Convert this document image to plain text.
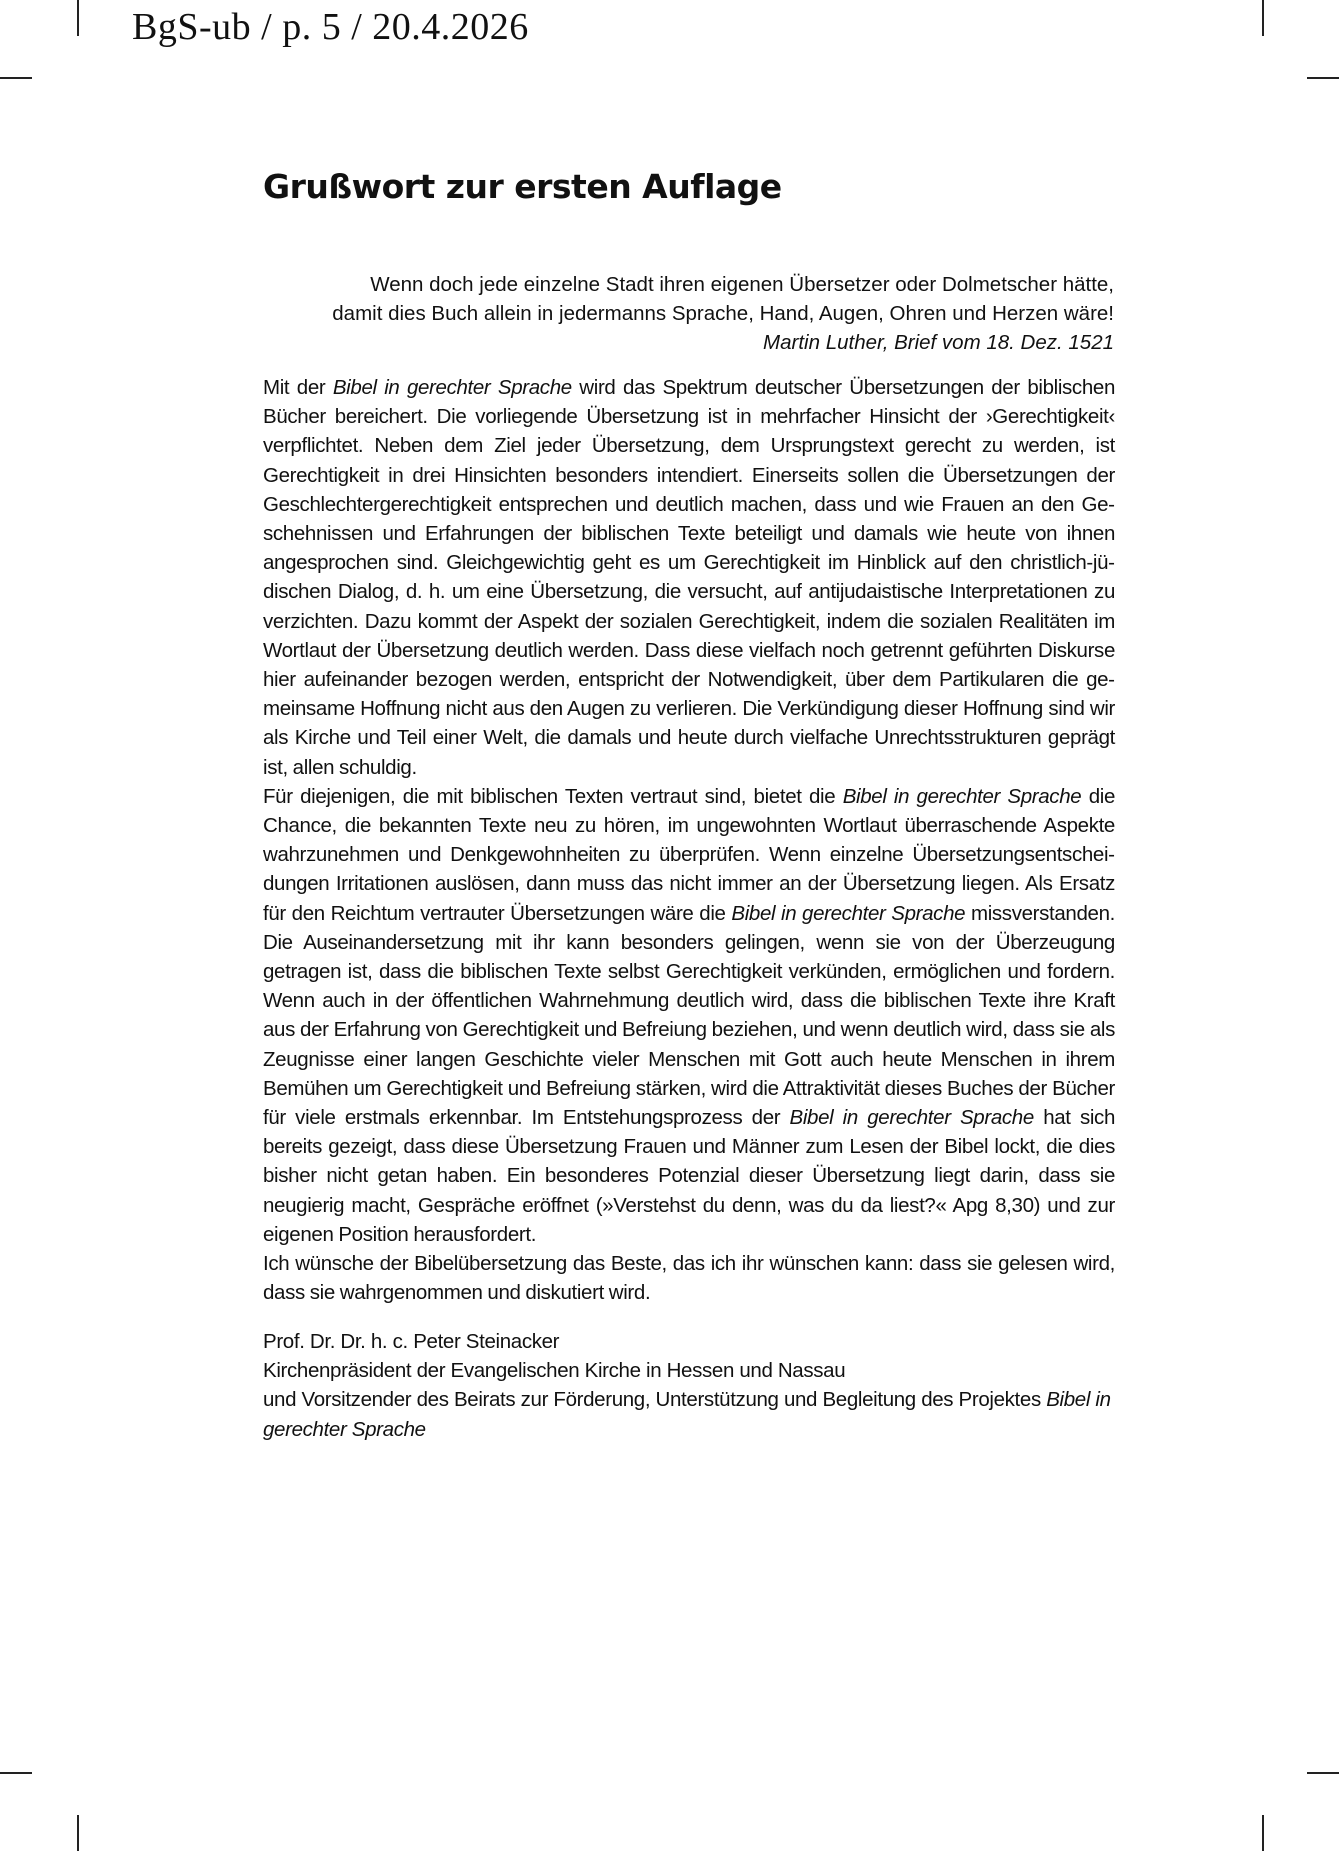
BgS-ub / p. 5 / 20.4.2026
Grußwort zur ersten Auflage
Wenn doch jede einzelne Stadt ihren eigenen Übersetzer oder Dolmetscher hätte,
damit dies Buch allein in jedermanns Sprache, Hand, Augen, Ohren und Herzen wäre!
Martin Luther, Brief vom 18. Dez. 1521

Mit der Bibel in gerechter Sprache wird das Spektrum deutscher Übersetzungen der biblischen Bücher bereichert. Die vorliegende Übersetzung ist in mehrfacher Hinsicht der ›Gerechtigkeit‹ verpflichtet. Neben dem Ziel jeder Übersetzung, dem Ursprungstext gerecht zu werden, ist Gerechtigkeit in drei Hinsichten besonders intendiert. Einerseits sollen die Übersetzungen der Geschlechtergerechtigkeit entsprechen und deutlich machen, dass und wie Frauen an den Geschehnissen und Erfahrungen der biblischen Texte beteiligt und damals wie heute von ihnen angesprochen sind. Gleichgewichtig geht es um Gerechtigkeit im Hinblick auf den christlich-jüdischen Dialog, d. h. um eine Übersetzung, die versucht, auf antijudaistische Interpretationen zu verzichten. Dazu kommt der Aspekt der sozialen Gerechtigkeit, indem die sozialen Realitäten im Wortlaut der Übersetzung deutlich werden. Dass diese vielfach noch getrennt geführten Diskurse hier aufeinander bezogen werden, entspricht der Notwendigkeit, über dem Partikularen die gemeinsame Hoffnung nicht aus den Augen zu verlieren. Die Verkündigung dieser Hoffnung sind wir als Kirche und Teil einer Welt, die damals und heute durch vielfache Unrechtsstrukturen geprägt ist, allen schuldig.

Für diejenigen, die mit biblischen Texten vertraut sind, bietet die Bibel in gerechter Sprache die Chance, die bekannten Texte neu zu hören, im ungewohnten Wortlaut überraschende Aspekte wahrzunehmen und Denkgewohnheiten zu überprüfen. Wenn einzelne Übersetzungsentscheidungen Irritationen auslösen, dann muss das nicht immer an der Übersetzung liegen. Als Ersatz für den Reichtum vertrauter Übersetzungen wäre die Bibel in gerechter Sprache missverstanden. Die Auseinandersetzung mit ihr kann besonders gelingen, wenn sie von der Überzeugung getragen ist, dass die biblischen Texte selbst Gerechtigkeit verkünden, ermöglichen und fordern. Wenn auch in der öffentlichen Wahrnehmung deutlich wird, dass die biblischen Texte ihre Kraft aus der Erfahrung von Gerechtigkeit und Befreiung beziehen, und wenn deutlich wird, dass sie als Zeugnisse einer langen Geschichte vieler Menschen mit Gott auch heute Menschen in ihrem Bemühen um Gerechtigkeit und Befreiung stärken, wird die Attraktivität dieses Buches der Bücher für viele erstmals erkennbar. Im Entstehungsprozess der Bibel in gerechter Sprache hat sich bereits gezeigt, dass diese Übersetzung Frauen und Männer zum Lesen der Bibel lockt, die dies bisher nicht getan haben. Ein besonderes Potenzial dieser Übersetzung liegt darin, dass sie neugierig macht, Gespräche eröffnet (»Verstehst du denn, was du da liest?« Apg 8,30) und zur eigenen Position herausfordert.

Ich wünsche der Bibelübersetzung das Beste, das ich ihr wünschen kann: dass sie gelesen wird, dass sie wahrgenommen und diskutiert wird.

Prof. Dr. Dr. h. c. Peter Steinacker
Kirchenpräsident der Evangelischen Kirche in Hessen und Nassau
und Vorsitzender des Beirats zur Förderung, Unterstützung und Begleitung des Projektes Bibel in gerechter Sprache
